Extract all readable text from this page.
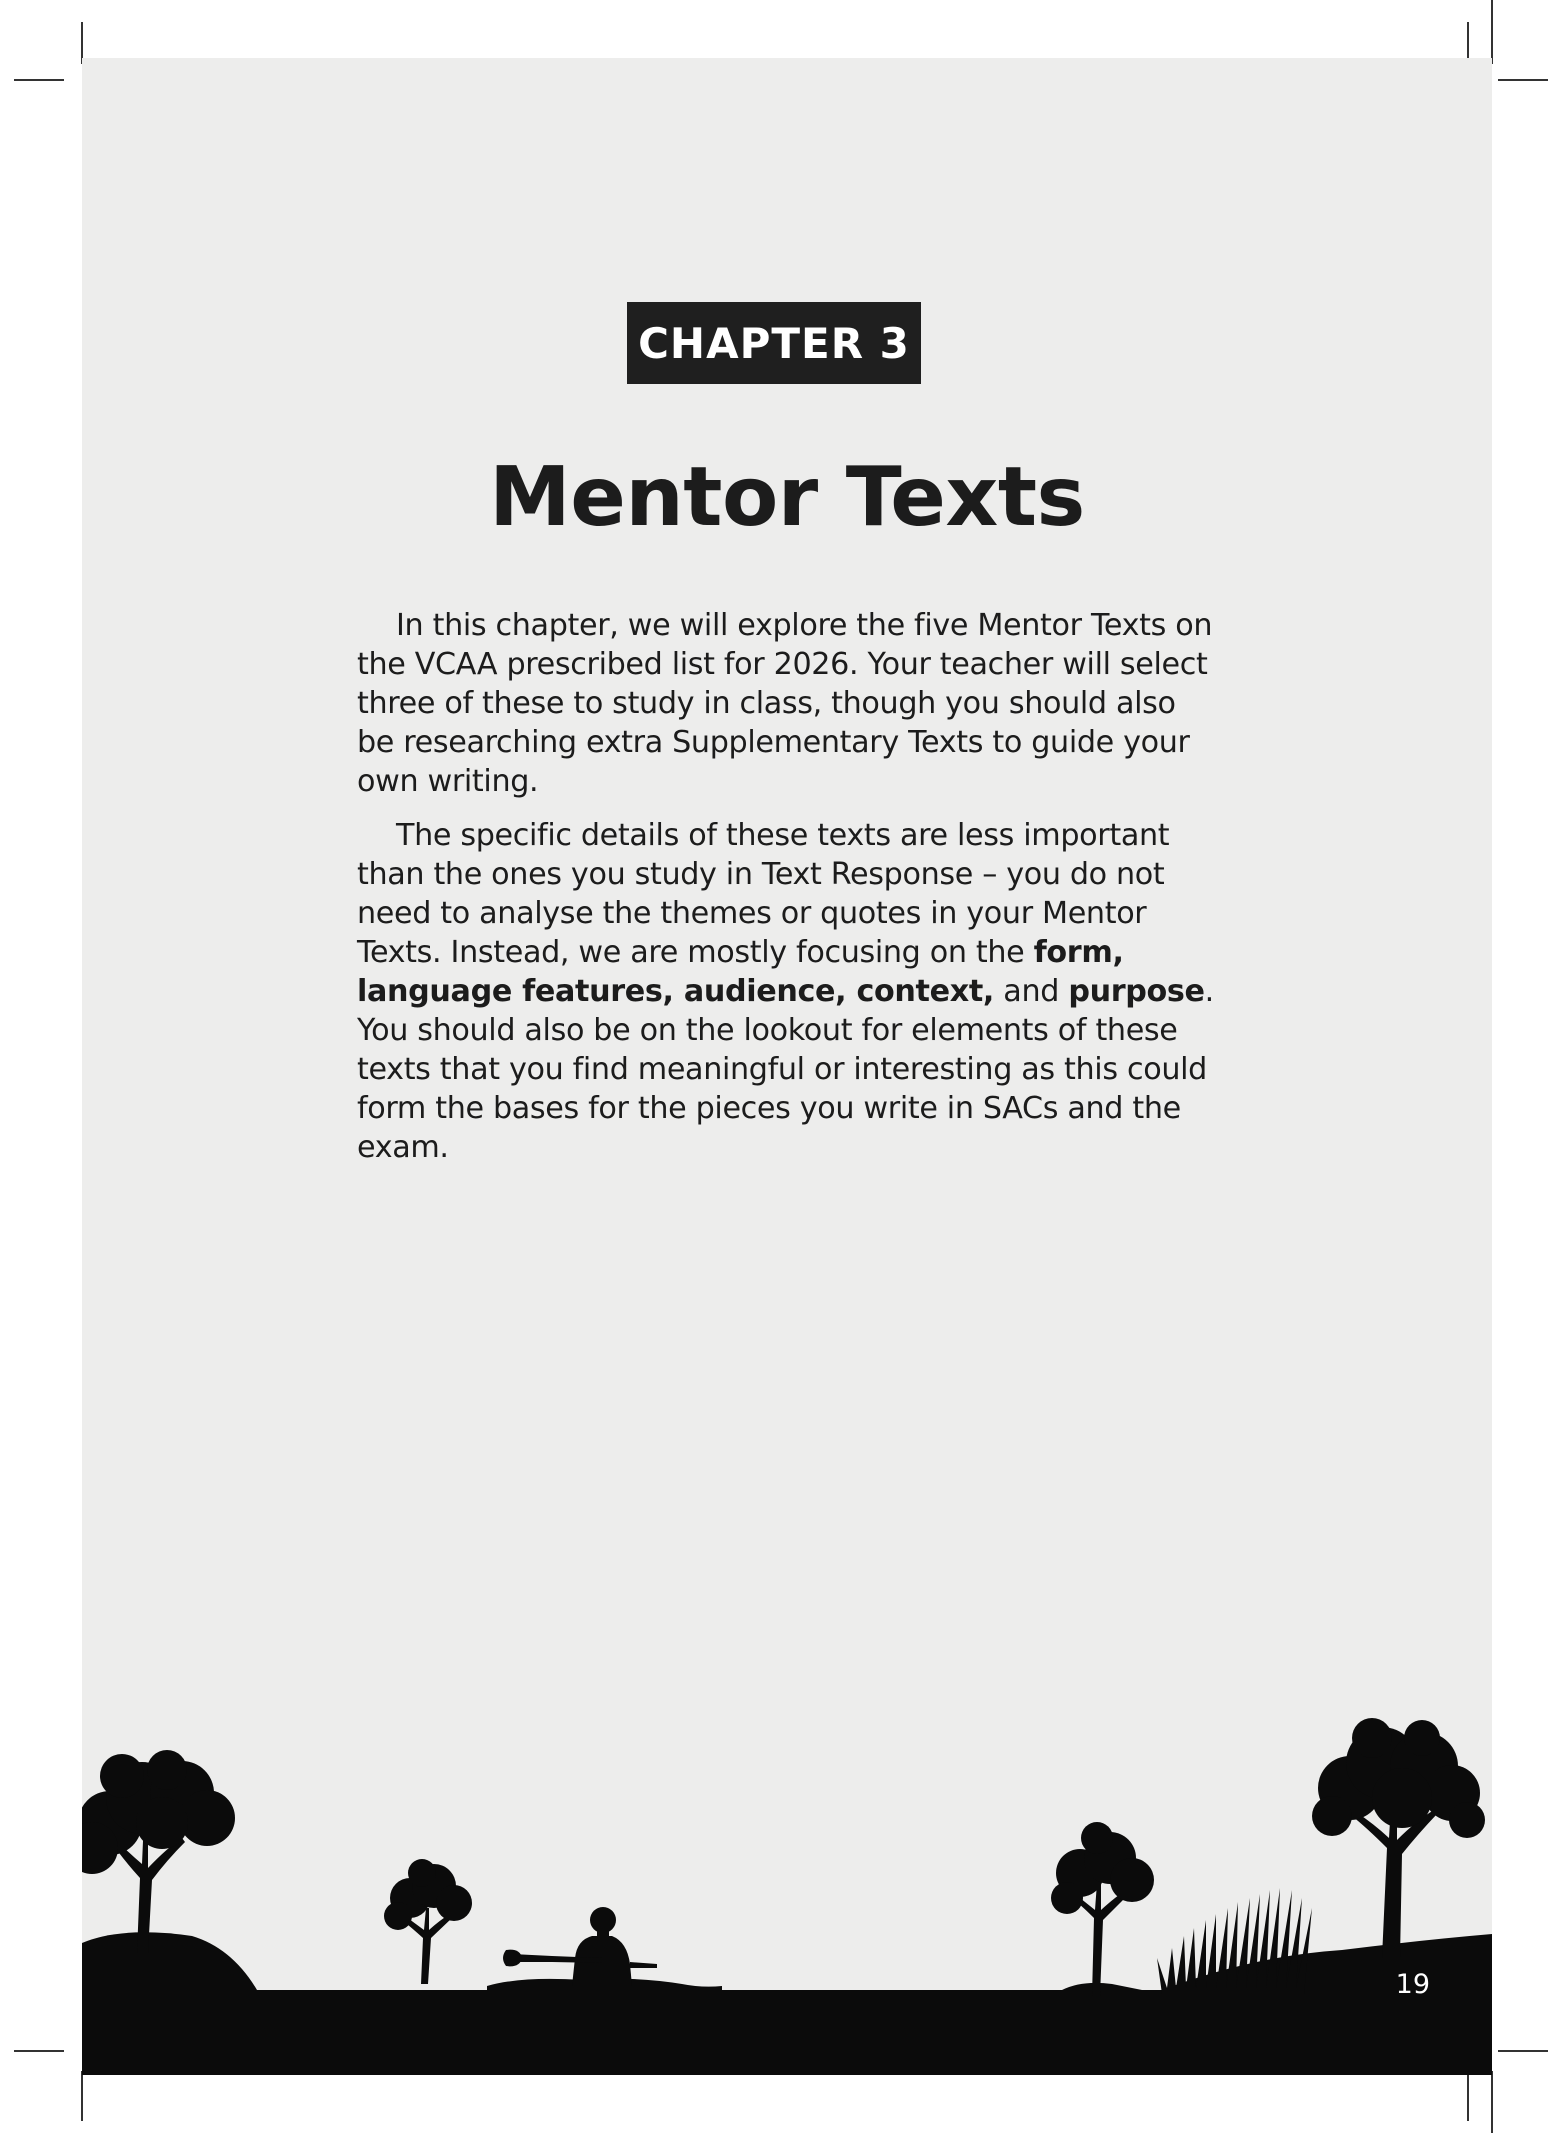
CHAPTER 3
Mentor Texts

In this chapter, we will explore the five Mentor Texts on the VCAA prescribed list for 2026. Your teacher will select three of these to study in class, though you should also be researching extra Supplementary Texts to guide your own writing.

The specific details of these texts are less important than the ones you study in Text Response – you do not need to analyse the themes or quotes in your Mentor Texts. Instead, we are mostly focusing on the form, language features, audience, context, and purpose. You should also be on the lookout for elements of these texts that you find meaningful or interesting as this could form the bases for the pieces you write in SACs and the exam.

19
